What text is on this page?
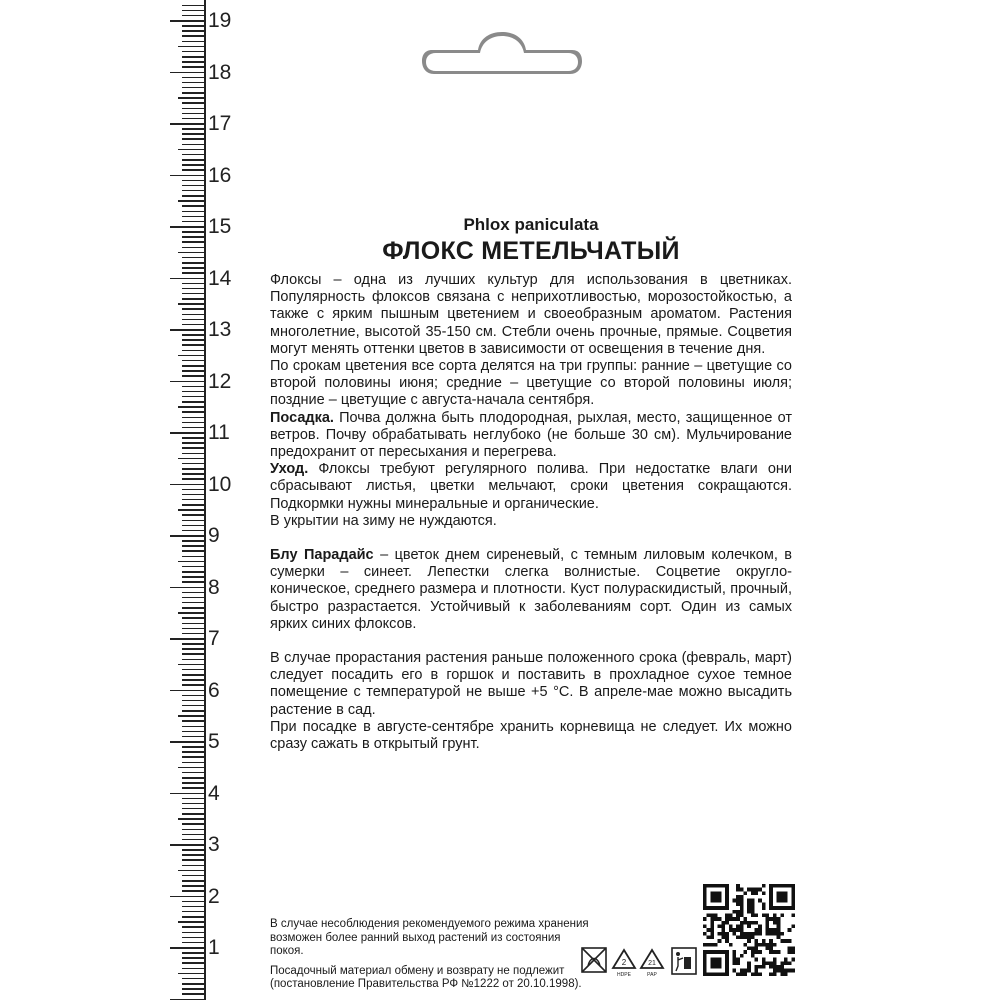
19
18
17
16
15
14
13
12
11
10
9
8
7
6
5
4
3
2
1

Phlox paniculata

ФЛОКС МЕТЕЛЬЧАТЫЙ

Флоксы – одна из лучших культур для использования в цветниках. Популярность флоксов связана с неприхотливостью, морозостойкостью, а также с ярким пышным цветением и своеобразным ароматом. Растения многолетние, высотой 35-150 см. Стебли очень прочные, прямые. Соцветия могут менять оттенки цветов в зависимости от освещения в течение дня.

По срокам цветения все сорта делятся на три группы: ранние – цветущие со второй половины июня; средние – цветущие со второй половины июля; поздние – цветущие с августа-начала сентября.

Посадка. Почва должна быть плодородная, рыхлая, место, защищенное от ветров. Почву обрабатывать неглубоко (не больше 30 см). Мульчирование предохранит от пересыхания и перегрева.

Уход. Флоксы требуют регулярного полива. При недостатке влаги они сбрасывают листья, цветки мельчают, сроки цветения сокращаются. Подкормки нужны минеральные и органические.

В укрытии на зиму не нуждаются.

Блу Парадайс – цветок днем сиреневый, с темным лиловым колечком, в сумерки – синеет. Лепестки слегка волнистые. Соцветие округло-коническое, среднего размера и плотности. Куст полураскидистый, прочный, быстро разрастается. Устойчивый к заболеваниям сорт. Один из самых ярких синих флоксов.

В случае прорастания растения раньше положенного срока (февраль, март) следует посадить его в горшок и поставить в прохладное сухое темное помещение с температурой не выше +5 °С. В апреле-мае можно высадить растение в сад.

При посадке в августе-сентябре хранить корневища не следует. Их можно сразу сажать в открытый грунт.

В случае несоблюдения рекомендуемого режима хранения возможен более ранний выход растений из состояния покоя.

Посадочный материал обмену и возврату не подлежит (постановление Правительства РФ №1222 от 20.10.1998).

2
HDPE
21
PAP
